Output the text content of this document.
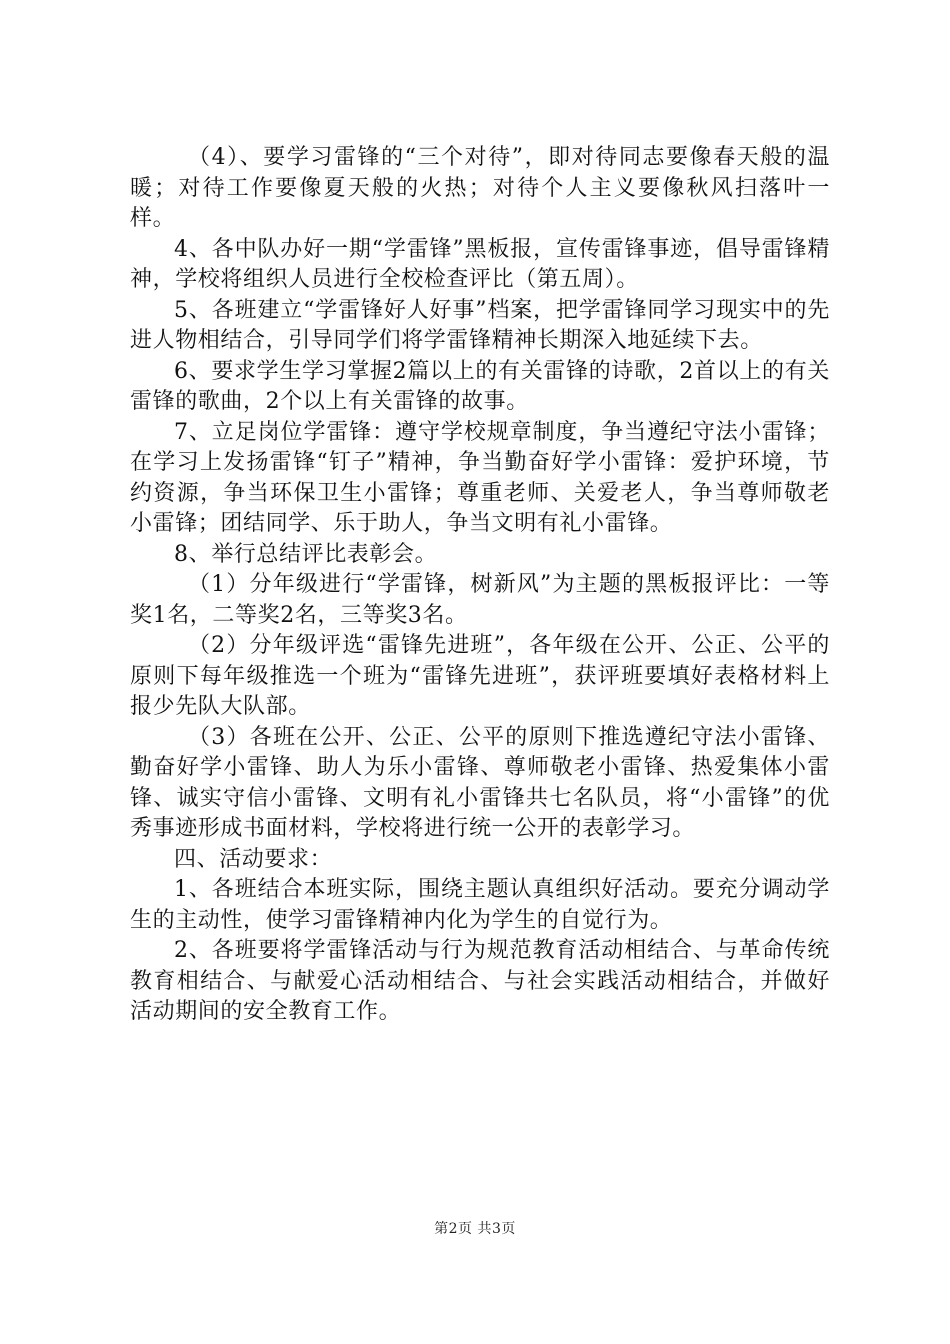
（4）、要学习雷锋的“三个对待”，即对待同志要像春天般的温暖；对待工作要像夏天般的火热；对待个人主义要像秋风扫落叶一样。

4、各中队办好一期“学雷锋”黑板报，宣传雷锋事迹，倡导雷锋精神，学校将组织人员进行全校检查评比（第五周）。

5、各班建立“学雷锋好人好事”档案，把学雷锋同学习现实中的先进人物相结合，引导同学们将学雷锋精神长期深入地延续下去。

6、要求学生学习掌握2篇以上的有关雷锋的诗歌，2首以上的有关雷锋的歌曲，2个以上有关雷锋的故事。

7、立足岗位学雷锋：遵守学校规章制度，争当遵纪守法小雷锋；在学习上发扬雷锋“钉子”精神，争当勤奋好学小雷锋：爱护环境，节约资源，争当环保卫生小雷锋；尊重老师、关爱老人，争当尊师敬老小雷锋；团结同学、乐于助人，争当文明有礼小雷锋。

8、举行总结评比表彰会。

（1）分年级进行“学雷锋，树新风”为主题的黑板报评比：一等奖1名，二等奖2名，三等奖3名。

（2）分年级评选“雷锋先进班”，各年级在公开、公正、公平的原则下每年级推选一个班为“雷锋先进班”，获评班要填好表格材料上报少先队大队部。

（3）各班在公开、公正、公平的原则下推选遵纪守法小雷锋、勤奋好学小雷锋、助人为乐小雷锋、尊师敬老小雷锋、热爱集体小雷锋、诚实守信小雷锋、文明有礼小雷锋共七名队员，将“小雷锋”的优秀事迹形成书面材料，学校将进行统一公开的表彰学习。

四、活动要求：

1、各班结合本班实际，围绕主题认真组织好活动。要充分调动学生的主动性，使学习雷锋精神内化为学生的自觉行为。

2、各班要将学雷锋活动与行为规范教育活动相结合、与革命传统教育相结合、与献爱心活动相结合、与社会实践活动相结合，并做好活动期间的安全教育工作。

第2页 共3页
